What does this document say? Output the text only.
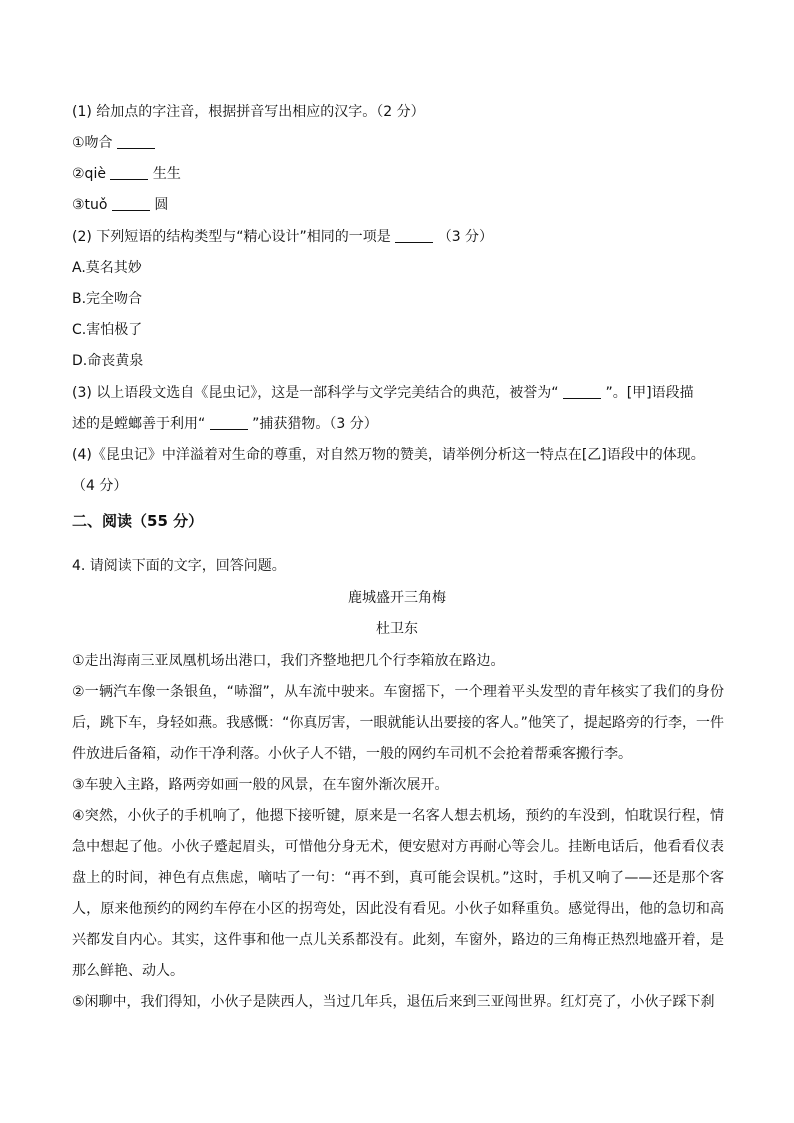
(1) 给加点的字注音，根据拼音写出相应的汉字。（2 分）
①吻合
②qiè	生生
③tuǒ	圆
(2) 下列短语的结构类型与“精心设计”相同的一项是	（3 分）
A.莫名其妙
B.完全吻合
C.害怕极了
D.命丧黄泉
(3) 以上语段文选自《昆虫记》，这是一部科学与文学完美结合的典范，被誉为“	”。[甲]语段描
述的是螳螂善于利用“	”捕获猎物。（3 分）
(4)《昆虫记》中洋溢着对生命的尊重，对自然万物的赞美，请举例分析这一特点在[乙]语段中的体现。
（4 分）
二、阅读（55 分）
4. 请阅读下面的文字，回答问题。
鹿城盛开三角梅
杜卫东
①走出海南三亚凤凰机场出港口，我们齐整地把几个行李箱放在路边。
②一辆汽车像一条银鱼，“哧溜”，从车流中驶来。车窗摇下，一个理着平头发型的青年核实了我们的身份后，跳下车，身轻如燕。我感慨：“你真厉害，一眼就能认出要接的客人。”他笑了，提起路旁的行李，一件件放进后备箱，动作干净利落。小伙子人不错，一般的网约车司机不会抢着帮乘客搬行李。
③车驶入主路，路两旁如画一般的风景，在车窗外渐次展开。
④突然，小伙子的手机响了，他摁下接听键，原来是一名客人想去机场，预约的车没到，怕耽误行程，情急中想起了他。小伙子蹙起眉头，可惜他分身无术，便安慰对方再耐心等会儿。挂断电话后，他看看仪表盘上的时间，神色有点焦虑，嘀咕了一句：“再不到，真可能会误机。”这时，手机又响了——还是那个客人，原来他预约的网约车停在小区的拐弯处，因此没有看见。小伙子如释重负。感觉得出，他的急切和高兴都发自内心。其实，这件事和他一点儿关系都没有。此刻，车窗外，路边的三角梅正热烈地盛开着，是那么鲜艳、动人。
⑤闲聊中，我们得知，小伙子是陕西人，当过几年兵，退伍后来到三亚闯世界。红灯亮了，小伙子踩下刹
